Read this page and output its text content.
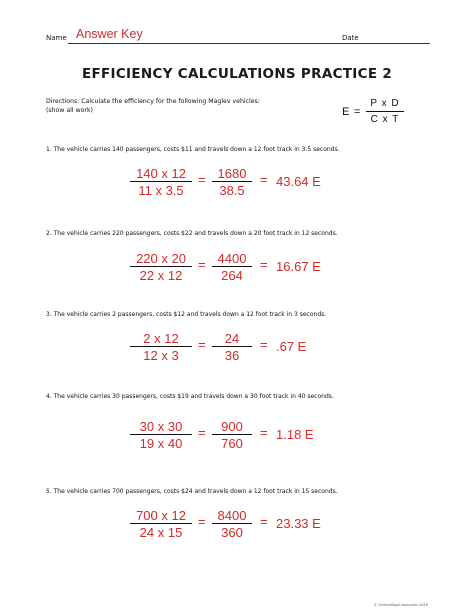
Name Answer Key	Date
EFFICIENCY CALCULATIONS PRACTICE 2
Directions: Calculate the efficiency for the following Maglev vehicles:
(show all work)	E =
P x D
C x T
1. The vehicle carries 140 passengers, costs $11 and travels down a 12 foot track in 3.5 seconds.
140 x 12
11 x 3.5
= 1680
38.5
= 43.64 E
2. The vehicle carries 220 passengers, costs $22 and travels down a 20 foot track in 12 seconds.
220 x 20
22 x 12
= 4400
264
= 16.67 E
3. The vehicle carries 2 passengers, costs $12 and travels down a 12 foot track in 3 seconds.
2 x 12
12 x 3
=	24
36
= .67 E
4. The vehicle carries 30 passengers, costs $19 and travels down a 30 foot track in 40 seconds.
30 x 30
19 x 40
=	900
760
= 1.18 E
5. The vehicle carries 700 passengers, costs $24 and travels down a 12 foot track in 15 seconds.
700 x 12
24 x 15
= 8400
360
= 23.33 E
© ScienceSpot resources 2016
